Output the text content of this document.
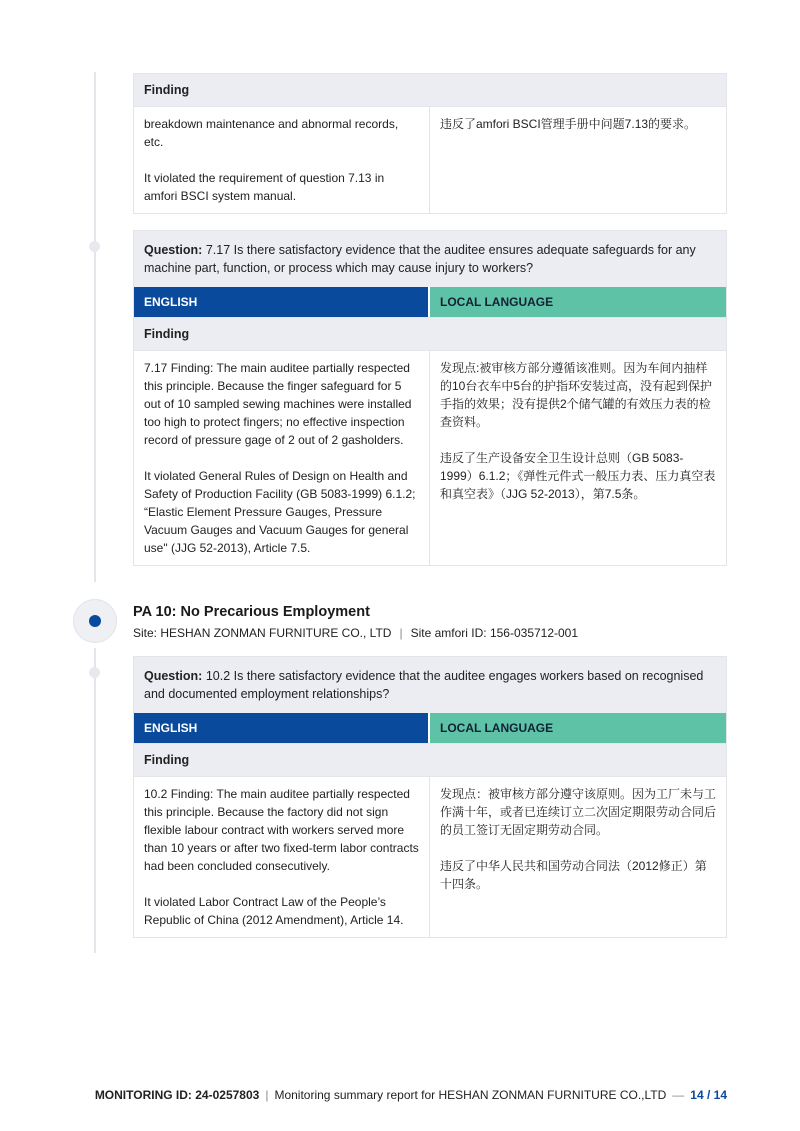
Finding
breakdown maintenance and abnormal records, etc.

It violated the requirement of question 7.13 in amfori BSCI system manual.
违反了amfori BSCI管理手册中问题7.13的要求。
Question: 7.17 Is there satisfactory evidence that the auditee ensures adequate safeguards for any machine part, function, or process which may cause injury to workers?
ENGLISH	LOCAL LANGUAGE
Finding
7.17 Finding: The main auditee partially respected this principle. Because the finger safeguard for 5 out of 10 sampled sewing machines were installed too high to protect fingers; no effective inspection record of pressure gage of 2 out of 2 gasholders.

It violated General Rules of Design on Health and Safety of Production Facility (GB 5083-1999) 6.1.2; “Elastic Element Pressure Gauges, Pressure Vacuum Gauges and Vacuum Gauges for general use" (JJG 52-2013), Article 7.5.
发现点:被审核方部分遵循该准则。因为车间内抽样的10台衣车中5台的护指环安装过高，没有起到保护手指的效果；没有提供2个储气罐的有效压力表的检查资料。

违反了生产设备安全卫生设计总则（GB 5083-1999）6.1.2；《弹性元件式一般压力表、压力真空表和真空表》（JJG 52-2013），第7.5条。
PA 10: No Precarious Employment
Site: HESHAN ZONMAN FURNITURE CO., LTD | Site amfori ID: 156-035712-001
Question: 10.2 Is there satisfactory evidence that the auditee engages workers based on recognised and documented employment relationships?
ENGLISH	LOCAL LANGUAGE
Finding
10.2 Finding: The main auditee partially respected this principle. Because the factory did not sign flexible labour contract with workers served more than 10 years or after two fixed-term labor contracts had been concluded consecutively.

It violated Labor Contract Law of the People’s Republic of China (2012 Amendment), Article 14.
发现点：被审核方部分遵守该原则。因为工厂未与工作满十年，或者已连续订立二次固定期限劳动合同后的员工签订无固定期劳动合同。

违反了中华人民共和国劳动合同法（2012修正）第十四条。
MONITORING ID: 24-0257803 | Monitoring summary report for HESHAN ZONMAN FURNITURE CO.,LTD — 14 / 14
